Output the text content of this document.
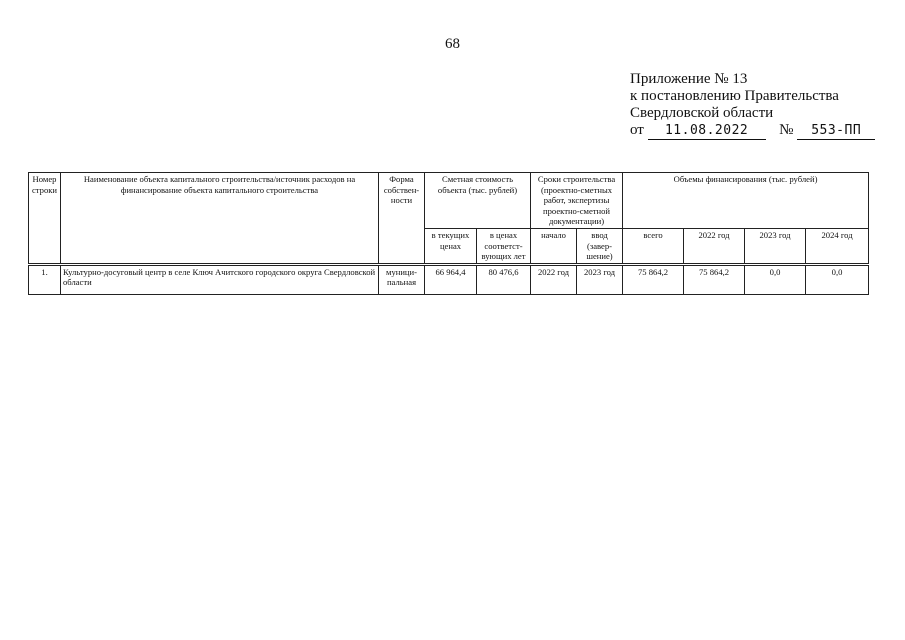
68
Приложение № 13
к постановлению Правительства
Свердловской области
от 11.08.2022 № 553-ПП
Номер строки	Наименование объекта капитального строительства/источник расходов на финансирование объекта капитального строительства	Форма собствен-ности	Сметная стоимость объекта (тыс. рублей)		Сроки строительства (проектно-сметных работ, экспертизы проектно-сметной документации)		Объемы финансирования (тыс. рублей)			
			в текущих ценах	в ценах соответст-вующих лет	начало	ввод (завер-шение)	всего	2022 год	2023 год	2024 год
1.	Культурно-досуговый центр в селе Ключ Ачитского городского округа Свердловской области	муници-пальная	66 964,4	80 476,6	2022 год	2023 год	75 864,2	75 864,2	0,0	0,0
